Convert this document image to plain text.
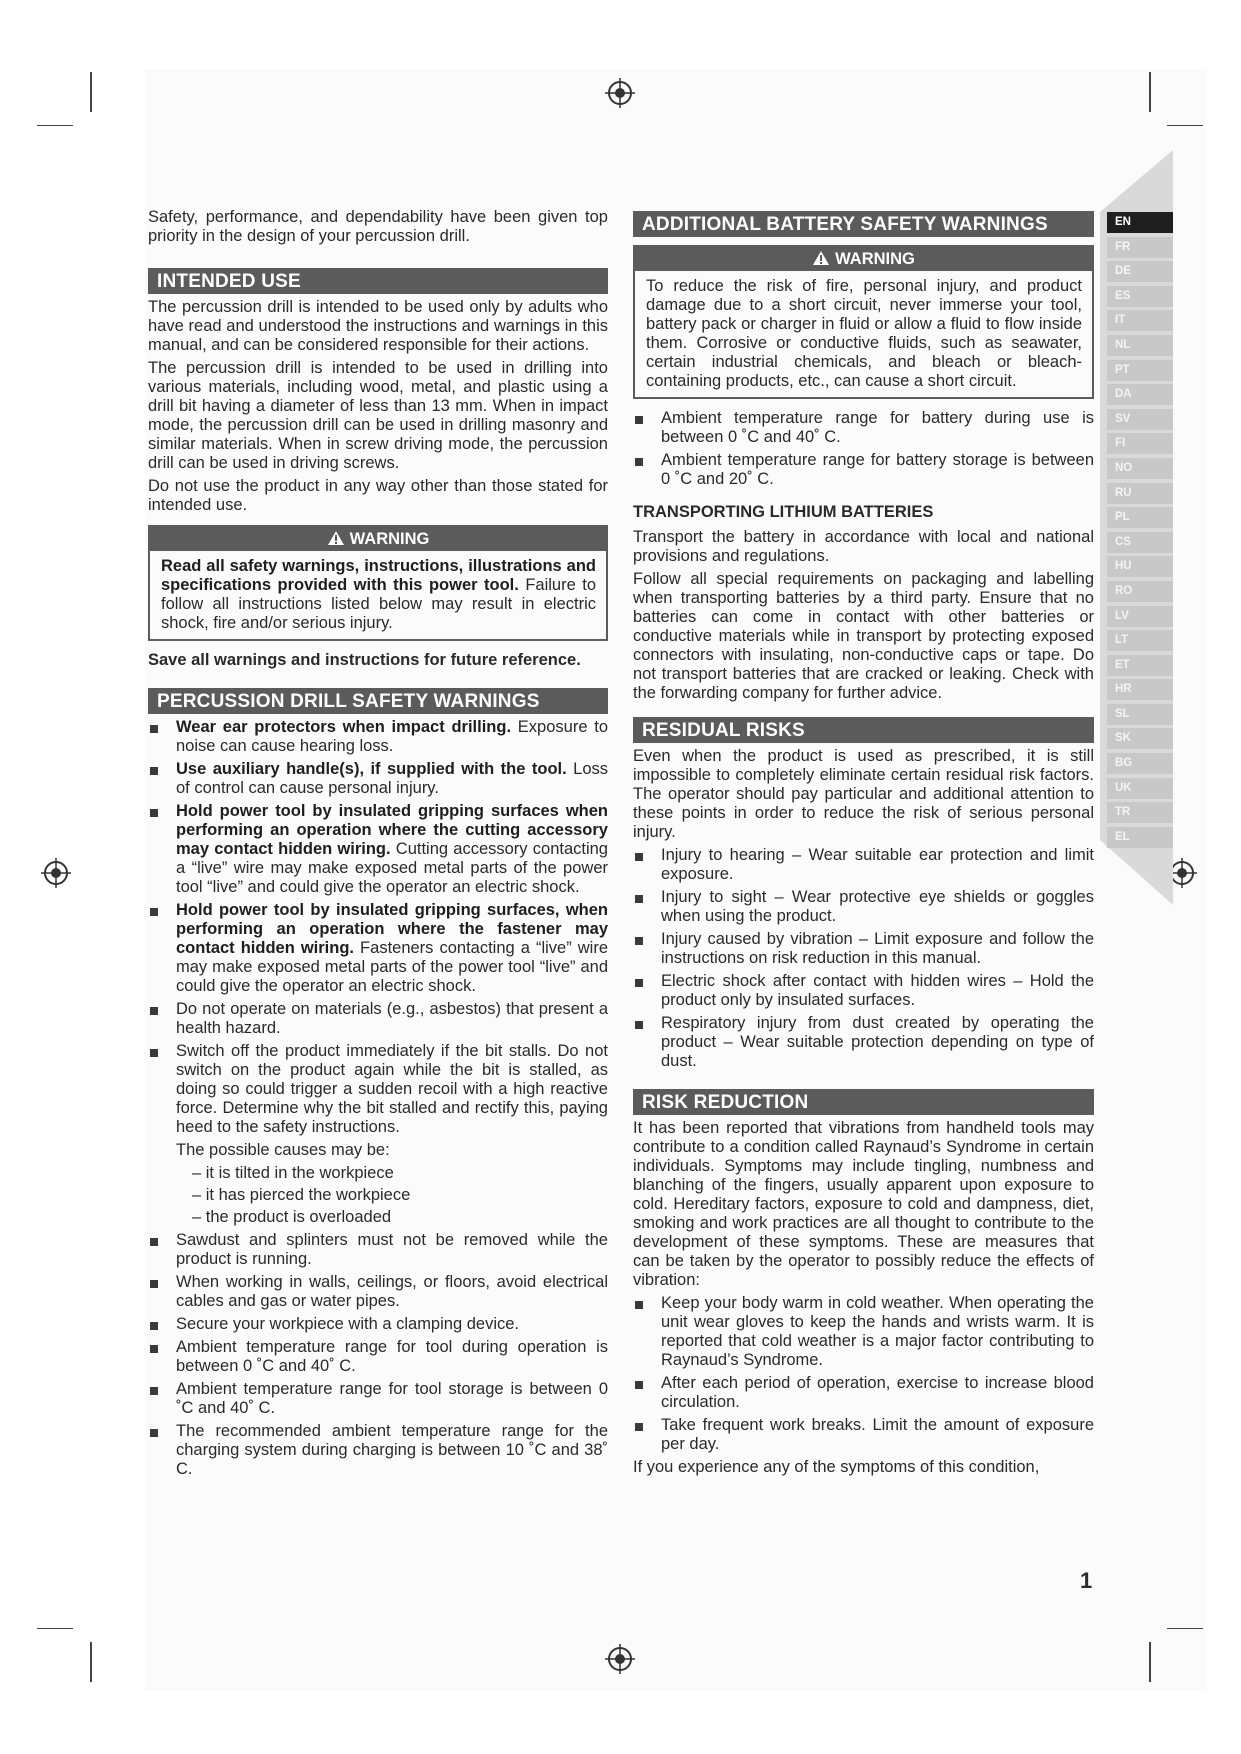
Safety, performance, and dependability have been given top priority in the design of your percussion drill.

INTENDED USE

The percussion drill is intended to be used only by adults who have read and understood the instructions and warnings in this manual, and can be considered responsible for their actions.

The percussion drill is intended to be used in drilling into various materials, including wood, metal, and plastic using a drill bit having a diameter of less than 13 mm. When in impact mode, the percussion drill can be used in drilling masonry and similar materials. When in screw driving mode, the percussion drill can be used in driving screws.

Do not use the product in any way other than those stated for intended use.

WARNING
Read all safety warnings, instructions, illustrations and specifications provided with this power tool. Failure to follow all instructions listed below may result in electric shock, fire and/or serious injury.

Save all warnings and instructions for future reference.

PERCUSSION DRILL SAFETY WARNINGS
Wear ear protectors when impact drilling. Exposure to noise can cause hearing loss.
Use auxiliary handle(s), if supplied with the tool. Loss of control can cause personal injury.
Hold power tool by insulated gripping surfaces when performing an operation where the cutting accessory may contact hidden wiring. Cutting accessory contacting a “live” wire may make exposed metal parts of the power tool “live” and could give the operator an electric shock.
Hold power tool by insulated gripping surfaces, when performing an operation where the fastener may contact hidden wiring. Fasteners contacting a “live” wire may make exposed metal parts of the power tool “live” and could give the operator an electric shock.
Do not operate on materials (e.g., asbestos) that present a health hazard.
Switch off the product immediately if the bit stalls. Do not switch on the product again while the bit is stalled, as doing so could trigger a sudden recoil with a high reactive force. Determine why the bit stalled and rectify this, paying heed to the safety instructions.

The possible causes may be:

– it is tilted in the workpiece
– it has pierced the workpiece
– the product is overloaded
Sawdust and splinters must not be removed while the product is running.
When working in walls, ceilings, or floors, avoid electrical cables and gas or water pipes.
Secure your workpiece with a clamping device.
Ambient temperature range for tool during operation is between 0 ˚C and 40˚ C.
Ambient temperature range for tool storage is between 0 ˚C and 40˚ C.
The recommended ambient temperature range for the charging system during charging is between 10 ˚C and 38˚ C.
ADDITIONAL BATTERY SAFETY WARNINGS
WARNING
To reduce the risk of fire, personal injury, and product damage due to a short circuit, never immerse your tool, battery pack or charger in fluid or allow a fluid to flow inside them. Corrosive or conductive fluids, such as seawater, certain industrial chemicals, and bleach or bleach-containing products, etc., can cause a short circuit.
Ambient temperature range for battery during use is between 0 ˚C and 40˚ C.
Ambient temperature range for battery storage is between 0 ˚C and 20˚ C.
TRANSPORTING LITHIUM BATTERIES

Transport the battery in accordance with local and national provisions and regulations.

Follow all special requirements on packaging and labelling when transporting batteries by a third party. Ensure that no batteries can come in contact with other batteries or conductive materials while in transport by protecting exposed connectors with insulating, non-conductive caps or tape. Do not transport batteries that are cracked or leaking. Check with the forwarding company for further advice.

RESIDUAL RISKS

Even when the product is used as prescribed, it is still impossible to completely eliminate certain residual risk factors. The operator should pay particular and additional attention to these points in order to reduce the risk of serious personal injury.

Injury to hearing – Wear suitable ear protection and limit exposure.
Injury to sight – Wear protective eye shields or goggles when using the product.
Injury caused by vibration – Limit exposure and follow the instructions on risk reduction in this manual.
Electric shock after contact with hidden wires – Hold the product only by insulated surfaces.
Respiratory injury from dust created by operating the product – Wear suitable protection depending on type of dust.
RISK REDUCTION

It has been reported that vibrations from handheld tools may contribute to a condition called Raynaud’s Syndrome in certain individuals. Symptoms may include tingling, numbness and blanching of the fingers, usually apparent upon exposure to cold. Hereditary factors, exposure to cold and dampness, diet, smoking and work practices are all thought to contribute to the development of these symptoms. These are measures that can be taken by the operator to possibly reduce the effects of vibration:

Keep your body warm in cold weather. When operating the unit wear gloves to keep the hands and wrists warm. It is reported that cold weather is a major factor contributing to Raynaud’s Syndrome.
After each period of operation, exercise to increase blood circulation.
Take frequent work breaks. Limit the amount of exposure per day.

If you experience any of the symptoms of this condition,

EN
FR
DE
ES
IT
NL
PT
DA
SV
FI
NO
RU
PL
CS
HU
RO
LV
LT
ET
HR
SL
SK
BG
UK
TR
EL
1
